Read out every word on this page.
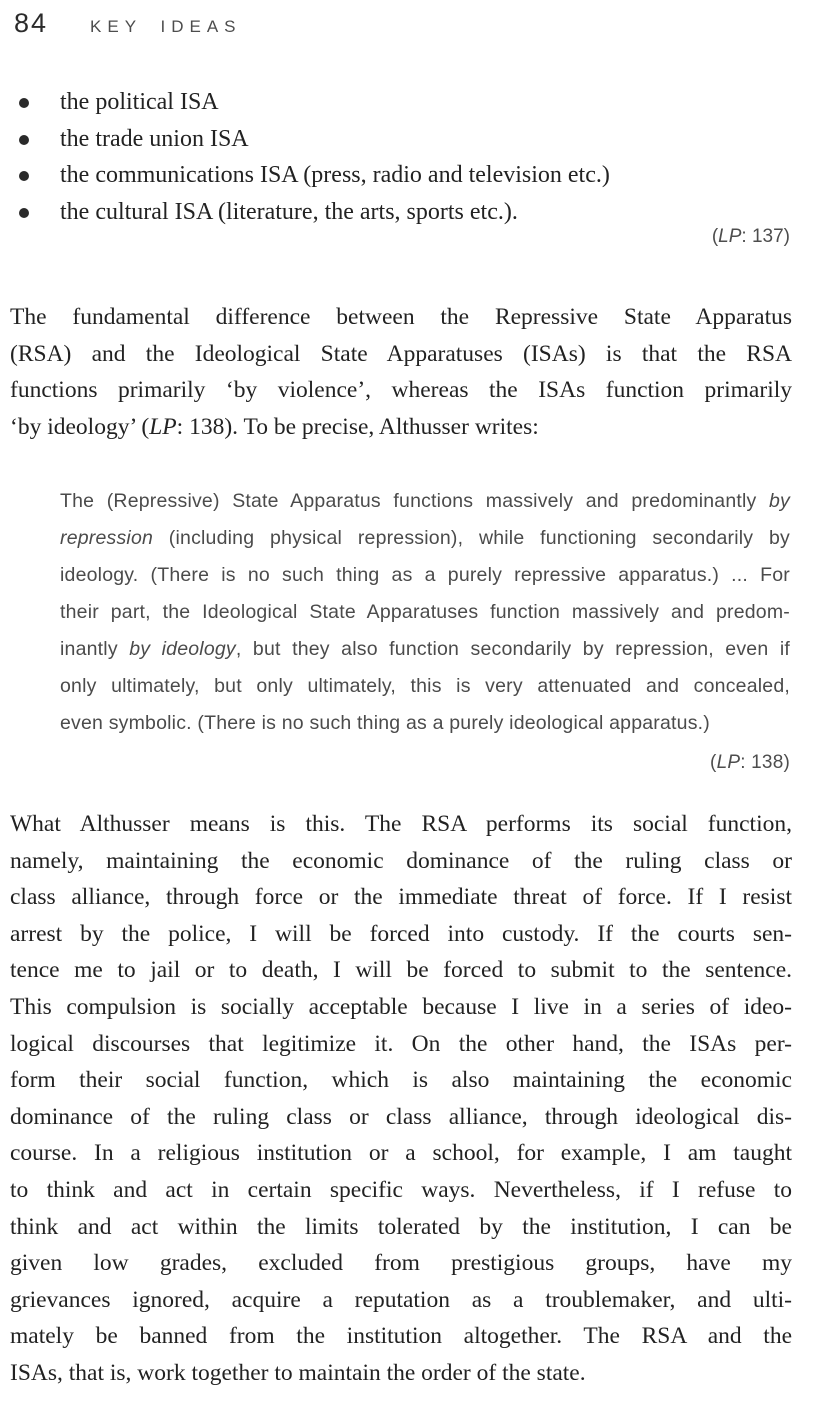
84 KEY IDEAS
the political ISA
the trade union ISA
the communications ISA (press, radio and television etc.)
the cultural ISA (literature, the arts, sports etc.).
(LP: 137)
The fundamental difference between the Repressive State Apparatus
(RSA) and the Ideological State Apparatuses (ISAs) is that the RSA
functions primarily ‘by violence’, whereas the ISAs function primarily
‘by ideology’ (LP: 138). To be precise, Althusser writes:
The (Repressive) State Apparatus functions massively and predominantly by
repression (including physical repression), while functioning secondarily by
ideology. (There is no such thing as a purely repressive apparatus.) ... For
their part, the Ideological State Apparatuses function massively and predom-
inantly by ideology, but they also function secondarily by repression, even if
only ultimately, but only ultimately, this is very attenuated and concealed,
even symbolic. (There is no such thing as a purely ideological apparatus.)
(LP: 138)
What Althusser means is this. The RSA performs its social function,
namely, maintaining the economic dominance of the ruling class or
class alliance, through force or the immediate threat of force. If I resist
arrest by the police, I will be forced into custody. If the courts sen-
tence me to jail or to death, I will be forced to submit to the sentence.
This compulsion is socially acceptable because I live in a series of ideo-
logical discourses that legitimize it. On the other hand, the ISAs per-
form their social function, which is also maintaining the economic
dominance of the ruling class or class alliance, through ideological dis-
course. In a religious institution or a school, for example, I am taught
to think and act in certain specific ways. Nevertheless, if I refuse to
think and act within the limits tolerated by the institution, I can be
given low grades, excluded from prestigious groups, have my
grievances ignored, acquire a reputation as a troublemaker, and ulti-
mately be banned from the institution altogether. The RSA and the
ISAs, that is, work together to maintain the order of the state.
